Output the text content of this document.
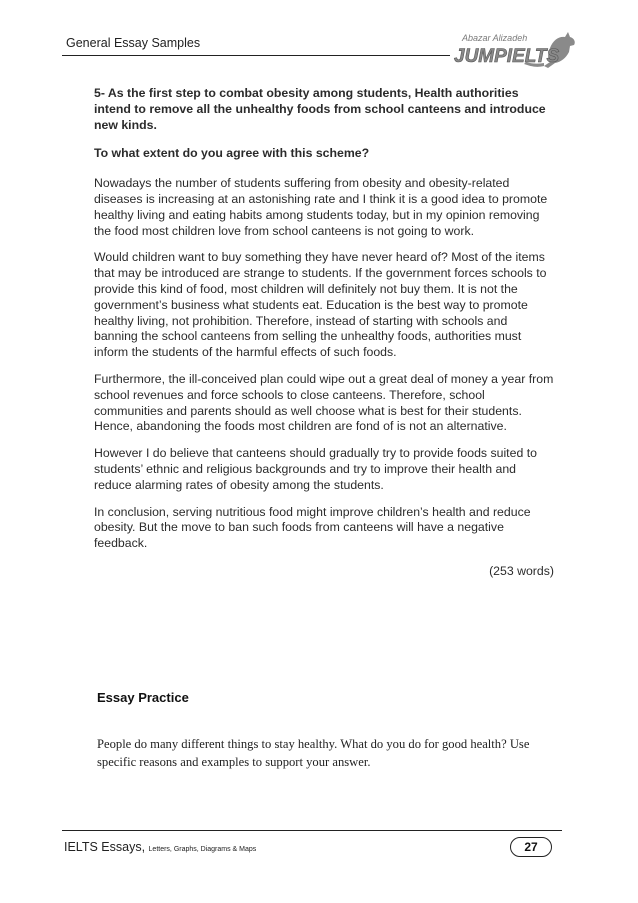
General Essay Samples	Abazar Alizadeh
JUMPIELTS

5- As the first step to combat obesity among students, Health authorities intend to remove all the unhealthy foods from school canteens and introduce new kinds.

To what extent do you agree with this scheme?

Nowadays the number of students suffering from obesity and obesity-related diseases is increasing at an astonishing rate and I think it is a good idea to promote healthy living and eating habits among students today, but in my opinion removing the food most children love from school canteens is not going to work.

Would children want to buy something they have never heard of? Most of the items that may be introduced are strange to students. If the government forces schools to provide this kind of food, most children will definitely not buy them. It is not the government’s business what students eat. Education is the best way to promote healthy living, not prohibition. Therefore, instead of starting with schools and banning the school canteens from selling the unhealthy foods, authorities must inform the students of the harmful effects of such foods.

Furthermore, the ill-conceived plan could wipe out a great deal of money a year from school revenues and force schools to close canteens. Therefore, school communities and parents should as well choose what is best for their students. Hence, abandoning the foods most children are fond of is not an alternative.

However I do believe that canteens should gradually try to provide foods suited to students’ ethnic and religious backgrounds and try to improve their health and reduce alarming rates of obesity among the students.

In conclusion, serving nutritious food might improve children’s health and reduce obesity. But the move to ban such foods from canteens will have a negative feedback.

(253 words)
Essay Practice
People do many different things to stay healthy. What do you do for good health? Use specific reasons and examples to support your answer.
IELTS Essays, Letters, Graphs, Diagrams & Maps	27
